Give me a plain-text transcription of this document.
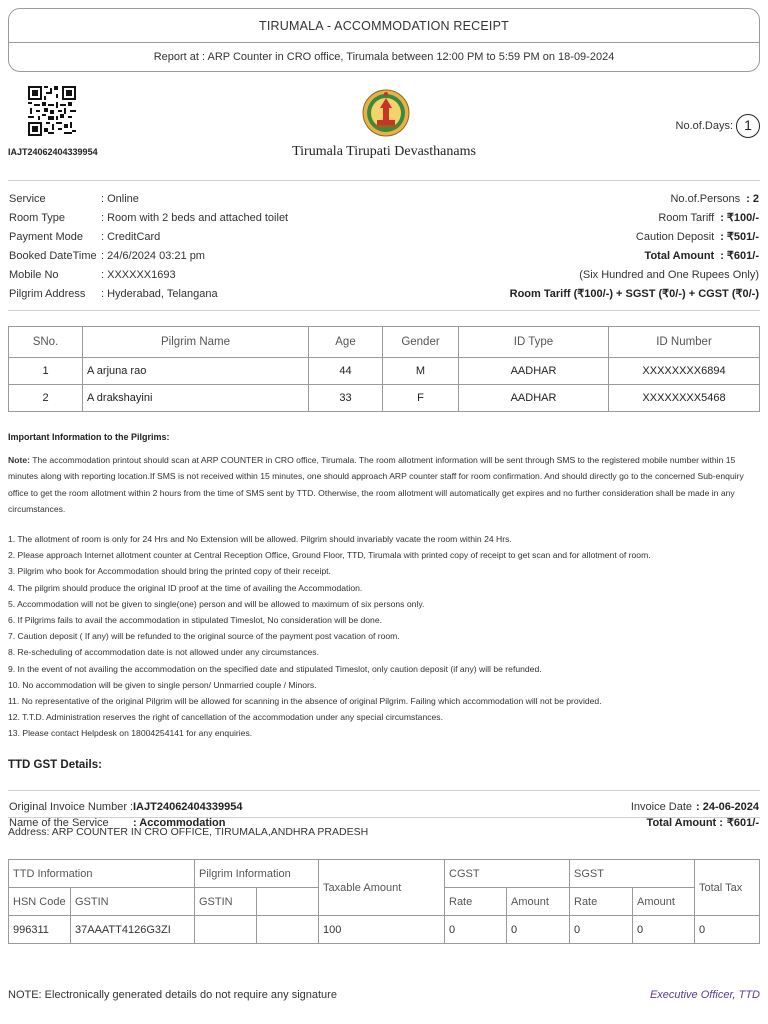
TIRUMALA - ACCOMMODATION RECEIPT
Report at : ARP Counter in CRO office, Tirumala between 12:00 PM to 5:59 PM on 18-09-2024
IAJT24062404339954	Tirumala Tirupati Devasthanams
No.of.Days: 1
Service	: Online
Room Type	: Room with 2 beds and attached toilet
Payment Mode	: CreditCard
Booked DateTime : 24/6/2024 03:21 pm
Mobile No	: XXXXXX1693
Pilgrim Address	: Hyderabad, Telangana
No.of.Persons : 2
Room Tariff : ₹100/-
Caution Deposit : ₹501/-
Total Amount : ₹601/-
(Six Hundred and One Rupees Only)
Room Tariff (₹100/-) + SGST (₹0/-) + CGST (₹0/-)
SNo.	Pilgrim Name	Age	Gender	ID Type	ID Number
1	A arjuna rao	44	M	AADHAR	XXXXXXXX6894
2	A drakshayini	33	F	AADHAR	XXXXXXXX5468
Important Information to the Pilgrims:
Note: The accommodation printout should scan at ARP COUNTER in CRO office, Tirumala. The room allotment information will be sent through SMS to the registered mobile number within 15 minutes along with reporting location.If SMS is not received within 15 minutes, one should approach ARP counter staff for room confirmation. And should directly go to the concerned Sub-enquiry office to get the room allotment within 2 hours from the time of SMS sent by TTD. Otherwise, the room allotment will automatically get expires and no further consideration shall be made in any circumstances.
1. The allotment of room is only for 24 Hrs and No Extension will be allowed. Pilgrim should invariably vacate the room within 24 Hrs.
2. Please approach Internet allotment counter at Central Reception Office, Ground Floor, TTD, Tirumala with printed copy of receipt to get scan and for allotment of room.
3. Pilgrim who book for Accommodation should bring the printed copy of their receipt.
4. The pilgrim should produce the original ID proof at the time of availing the Accommodation.
5. Accommodation will not be given to single(one) person and will be allowed to maximum of six persons only.
6. If Pilgrims fails to avail the accommodation in stipulated Timeslot, No consideration will be done.
7. Caution deposit ( If any) will be refunded to the original source of the payment post vacation of room.
8. Re-scheduling of accommodation date is not allowed under any circumstances.
9. In the event of not availing the accommodation on the specified date and stipulated Timeslot, only caution deposit (if any) will be refunded.
10. No accommodation will be given to single person/ Unmarried couple / Minors.
11. No representative of the original Pilgrim will be allowed for scanning in the absence of original Pilgrim. Failing which accommodation will not be provided.
12. T.T.D. Administration reserves the right of cancellation of the accommodation under any special circumstances.
13. Please contact Helpdesk on 18004254141 for any enquiries.
TTD GST Details:
Original Invoice Number : IAJT24062404339954
Name of the Service	: Accommodation
Invoice Date : 24-06-2024
Total Amount : ₹601/-
Address: ARP COUNTER IN CRO OFFICE, TIRUMALA,ANDHRA PRADESH
TTD Information		Pilgrim Information		Taxable Amount	CGST		SGST		Total Tax
HSN Code	GSTIN	GSTIN			Rate	Amount	Rate	Amount	
996311	37AAATT4126G3ZI			100	0	0	0	0	0
NOTE: Electronically generated details do not require any signature	Executive Officer, TTD
